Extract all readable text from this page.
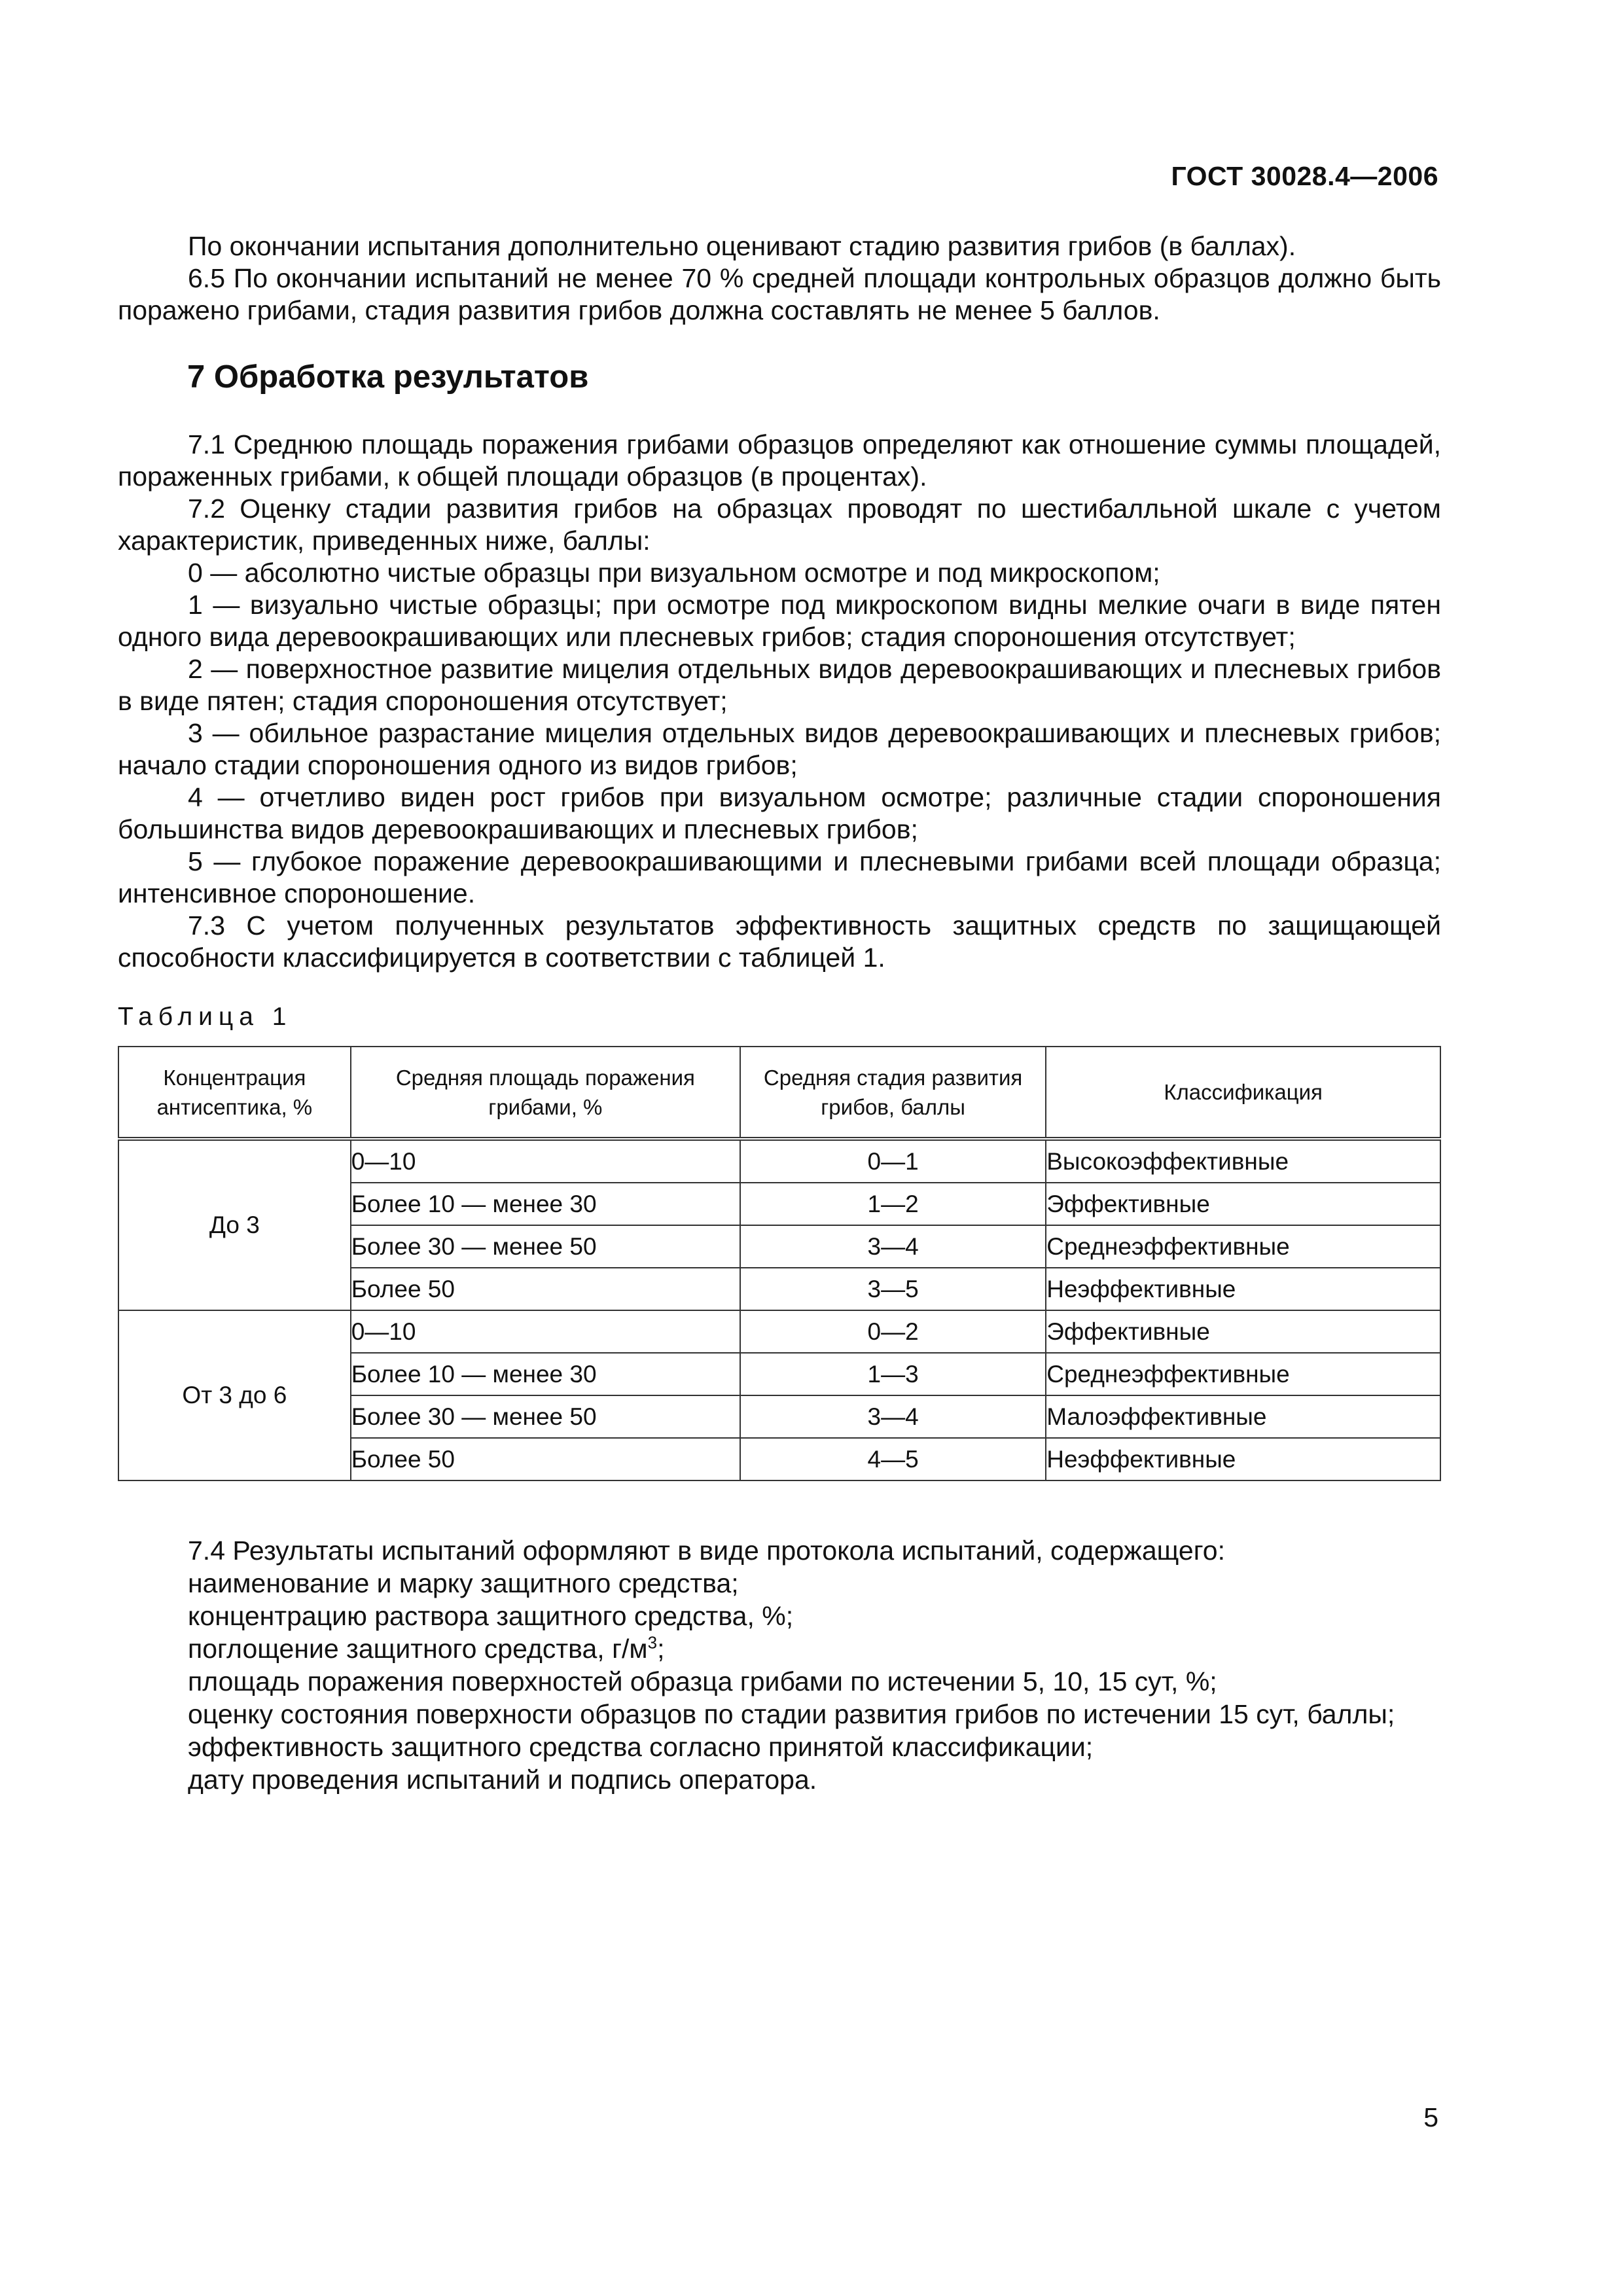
ГОСТ 30028.4—2006

По окончании испытания дополнительно оценивают стадию развития грибов (в баллах).

6.5 По окончании испытаний не менее 70 % средней площади контрольных образцов должно быть поражено грибами, стадия развития грибов должна составлять не менее 5 баллов.

7 Обработка результатов

7.1 Среднюю площадь поражения грибами образцов определяют как отношение суммы площадей, пораженных грибами, к общей площади образцов (в процентах).

7.2 Оценку стадии развития грибов на образцах проводят по шестибалльной шкале с учетом характеристик, приведенных ниже, баллы:

0 — абсолютно чистые образцы при визуальном осмотре и под микроскопом;

1 — визуально чистые образцы; при осмотре под микроскопом видны мелкие очаги в виде пятен одного вида деревоокрашивающих или плесневых грибов; стадия спороношения отсутствует;

2 — поверхностное развитие мицелия отдельных видов деревоокрашивающих и плесневых грибов в виде пятен; стадия спороношения отсутствует;

3 — обильное разрастание мицелия отдельных видов деревоокрашивающих и плесневых грибов; начало стадии спороношения одного из видов грибов;

4 — отчетливо виден рост грибов при визуальном осмотре; различные стадии спороношения большинства видов деревоокрашивающих и плесневых грибов;

5 — глубокое поражение деревоокрашивающими и плесневыми грибами всей площади образца; интенсивное спороношение.

7.3 С учетом полученных результатов эффективность защитных средств по защищающей способности классифицируется в соответствии с таблицей 1.

Таблица 1
Концентрация антисептика, %	Средняя площадь поражения грибами, %	Средняя стадия развития грибов, баллы	Классификация
До 3	0—10	0—1	Высокоэффективные
	Более 10 — менее 30	1—2	Эффективные
	Более 30 — менее 50	3—4	Среднеэффективные
	Более 50	3—5	Неэффективные
От 3 до 6	0—10	0—2	Эффективные
	Более 10 — менее 30	1—3	Среднеэффективные
	Более 30 — менее 50	3—4	Малоэффективные
	Более 50	4—5	Неэффективные

7.4 Результаты испытаний оформляют в виде протокола испытаний, содержащего:

наименование и марку защитного средства;

концентрацию раствора защитного средства, %;

поглощение защитного средства, $г/м^3$;

площадь поражения поверхностей образца грибами по истечении 5, 10, 15 сут, %;

оценку состояния поверхности образцов по стадии развития грибов по истечении 15 сут, баллы;

эффективность защитного средства согласно принятой классификации;

дату проведения испытаний и подпись оператора.

5
